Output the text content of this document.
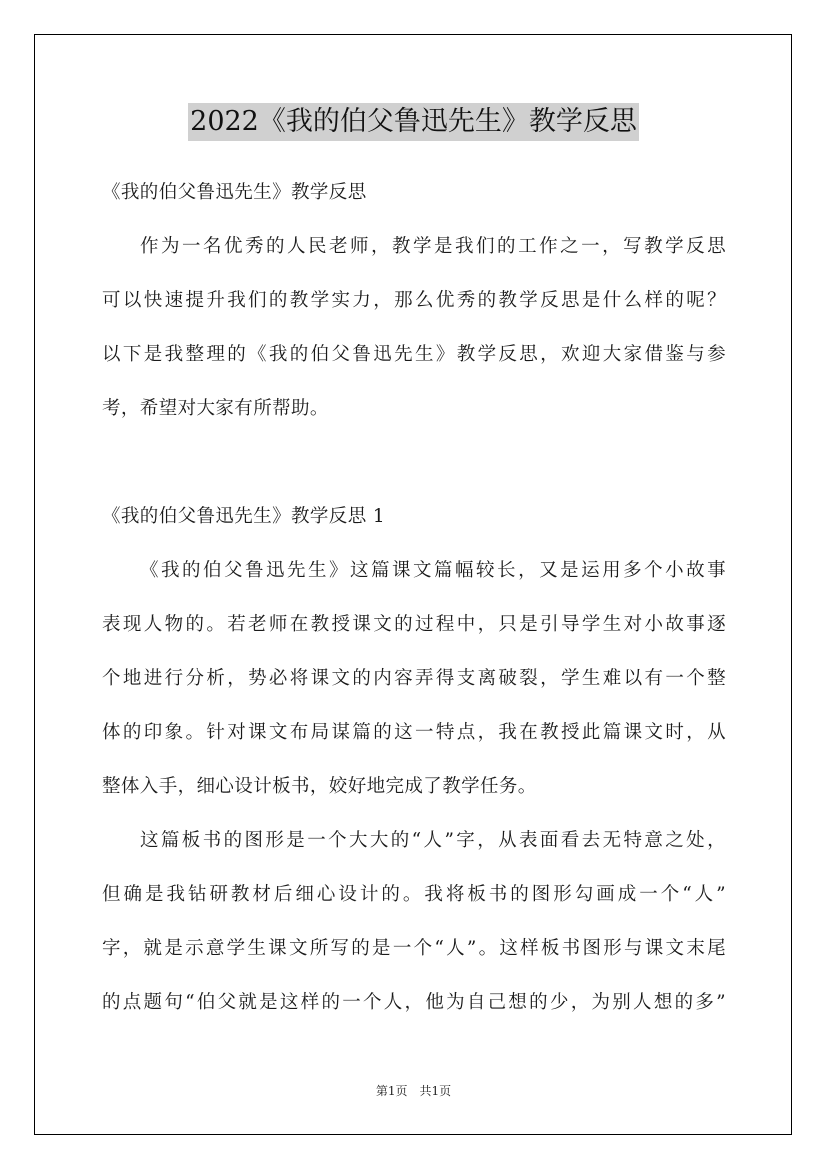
2022《我的伯父鲁迅先生》教学反思
《我的伯父鲁迅先生》教学反思
作为一名优秀的人民老师，教学是我们的工作之一，写教学反思
可以快速提升我们的教学实力，那么优秀的教学反思是什么样的呢？
以下是我整理的《我的伯父鲁迅先生》教学反思，欢迎大家借鉴与参
考，希望对大家有所帮助。
《我的伯父鲁迅先生》教学反思 1
《我的伯父鲁迅先生》这篇课文篇幅较长，又是运用多个小故事
表现人物的。若老师在教授课文的过程中，只是引导学生对小故事逐
个地进行分析，势必将课文的内容弄得支离破裂，学生难以有一个整
体的印象。针对课文布局谋篇的这一特点，我在教授此篇课文时，从
整体入手，细心设计板书，姣好地完成了教学任务。
这篇板书的图形是一个大大的“人”字，从表面看去无特意之处，
但确是我钻研教材后细心设计的。我将板书的图形勾画成一个“人”
字，就是示意学生课文所写的是一个“人”。这样板书图形与课文末尾
的点题句“伯父就是这样的一个人，他为自己想的少，为别人想的多”
第1页　共1页
